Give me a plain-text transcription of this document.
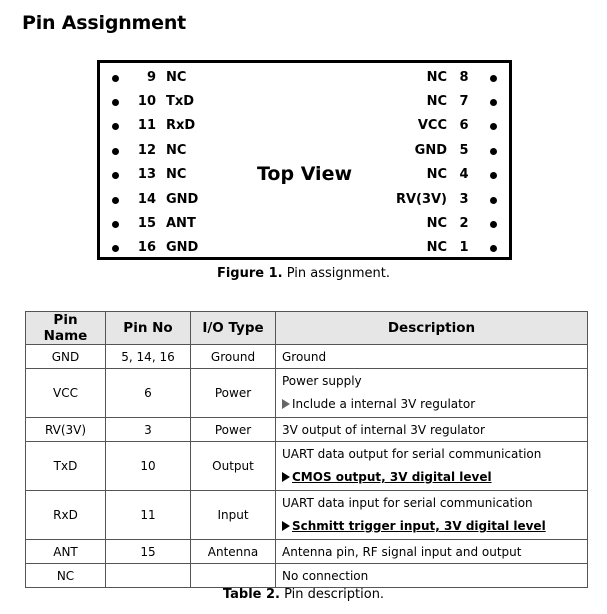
Pin Assignment
9 NC
10 TxD
11 RxD
12 NC
13 NC
14 GND
15 ANT
16 GND
NC 8
NC 7
VCC 6
GND 5
NC 4
RV(3V) 3
NC 2
NC 1
Top View
Figure 1. Pin assignment.
Pin Name	Pin No	I/O Type	Description
GND	5, 14, 16	Ground	Ground
VCC	6	Power	Power supply
Include a internal 3V regulator

RV(3V)	3	Power	3V output of internal 3V regulator
TxD	10	Output	UART data output for serial communication
CMOS output, 3V digital level

RxD	11	Input	UART data input for serial communication
Schmitt trigger input, 3V digital level

ANT	15	Antenna	Antenna pin, RF signal input and output
NC			No connection
Table 2. Pin description.
